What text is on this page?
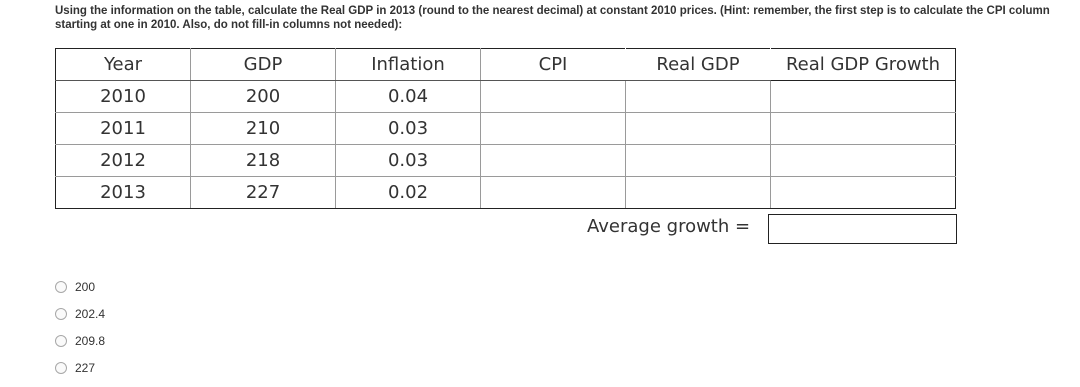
Using the information on the table, calculate the Real GDP in 2013 (round to the nearest decimal) at constant 2010 prices. (Hint: remember, the first step is to calculate the CPI column starting at one in 2010. Also, do not fill-in columns not needed):
Year	GDP	Inflation	CPI	Real GDP	Real GDP Growth
2010	200	0.04			
2011	210	0.03			
2012	218	0.03			
2013	227	0.02			
Average growth =
200
202.4
209.8
227
